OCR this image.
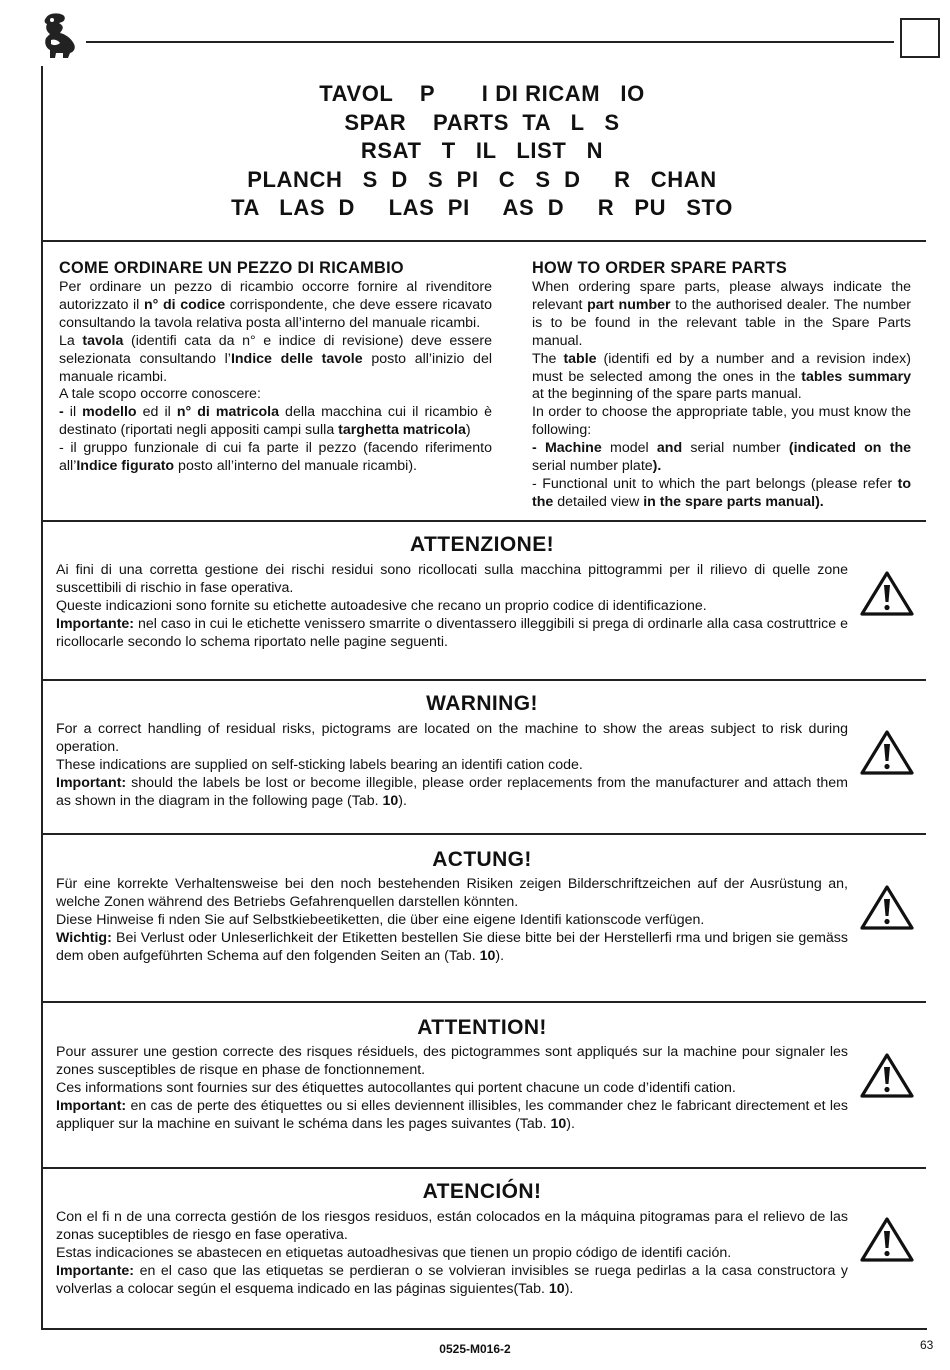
TAVOL    P       I DI RICAM   IO
SPAR    PARTS  TA   L   S
RSAT   T   IL   LIST   N
PLANCH   S  D   S  PI   C   S  D     R   CHAN
TA   LAS  D     LAS  PI     AS  D     R   PU   STO
COME ORDINARE UN PEZZO DI RICAMBIO

Per ordinare un pezzo di ricambio occorre fornire al rivenditore autorizzato il n° di codice corrispondente, che deve essere ricavato consultando la tavola relativa posta all’interno del manuale ricambi.

La tavola (identifi cata da n° e indice di revisione) deve essere selezionata consultando l’Indice delle tavole posto all’inizio del manuale ricambi.

A tale scopo occorre conoscere:

- il modello ed il n° di matricola della macchina cui il ricambio è destinato (riportati negli appositi campi sulla targhetta matricola)

- il gruppo funzionale di cui fa parte il pezzo (facendo riferimento all’Indice figurato posto all’interno del manuale ricambi).

HOW TO ORDER SPARE PARTS

When ordering spare parts, please always indicate the relevant part number to the authorised dealer. The number is to be found in the relevant table in the Spare Parts manual.

The table (identifi ed by a number and a revision index) must be selected among the ones in the tables summary at the beginning of the spare parts manual.

In order to choose the appropriate table, you must know the following:

- Machine model and serial number (indicated on the serial number plate).

- Functional unit to which the part belongs (please refer to the detailed view in the spare parts manual).

ATTENZIONE!

Ai fini di una corretta gestione dei rischi residui sono ricollocati sulla macchina pittogrammi per il rilievo di quelle zone suscettibili di rischio in fase operativa.

Queste indicazioni sono fornite su etichette autoadesive che recano un proprio codice di identificazione.

Importante: nel caso in cui le etichette venissero smarrite o diventassero illeggibili si prega di ordinarle alla casa costruttrice e ricollocarle secondo lo schema riportato nelle pagine seguenti.

WARNING!

For a correct handling of residual risks, pictograms are located on the machine to show the areas subject to risk during operation.

These indications are supplied on self-sticking labels bearing an identifi cation code.

Important: should the labels be lost or become illegible, please order replacements from the manufacturer and attach them as shown in the diagram in the following page (Tab. 10).

ACTUNG!

Für eine korrekte Verhaltensweise bei den noch bestehenden Risiken zeigen Bilderschriftzeichen auf der Ausrüstung an, welche Zonen während des Betriebs Gefahrenquellen darstellen könnten.

Diese Hinweise fi nden Sie auf Selbstkiebeetiketten, die über eine eigene Identifi kationscode verfügen.

Wichtig: Bei Verlust oder Unleserlichkeit der Etiketten bestellen Sie diese bitte bei der Herstellerfi rma und brigen sie gemäss dem oben aufgeführten Schema auf den folgenden Seiten an (Tab. 10).

ATTENTION!

Pour assurer une gestion correcte des risques résiduels, des pictogrammes sont appliqués sur la machine pour signaler les zones susceptibles de risque en phase de fonctionnement.

Ces informations sont fournies sur des étiquettes autocollantes qui portent chacune un code d’identifi cation.

Important: en cas de perte des étiquettes ou si elles deviennent illisibles, les commander chez le fabricant directement et les appliquer sur la machine en suivant le schéma dans les pages suivantes (Tab. 10).

ATENCIÓN!

Con el fi n de una correcta gestión de los riesgos residuos, están colocados en la máquina pitogramas para el relievo de las zonas suceptibles de riesgo en fase operativa.

Estas indicaciones se abastecen en etiquetas autoadhesivas que tienen un propio código de identifi cación.

Importante: en el caso que las etiquetas se perdieran o se volvieran invisibles se ruega pedirlas a la casa constructora y volverlas a colocar según el esquema indicado en las páginas siguientes(Tab. 10).

0525-M016-2	63
